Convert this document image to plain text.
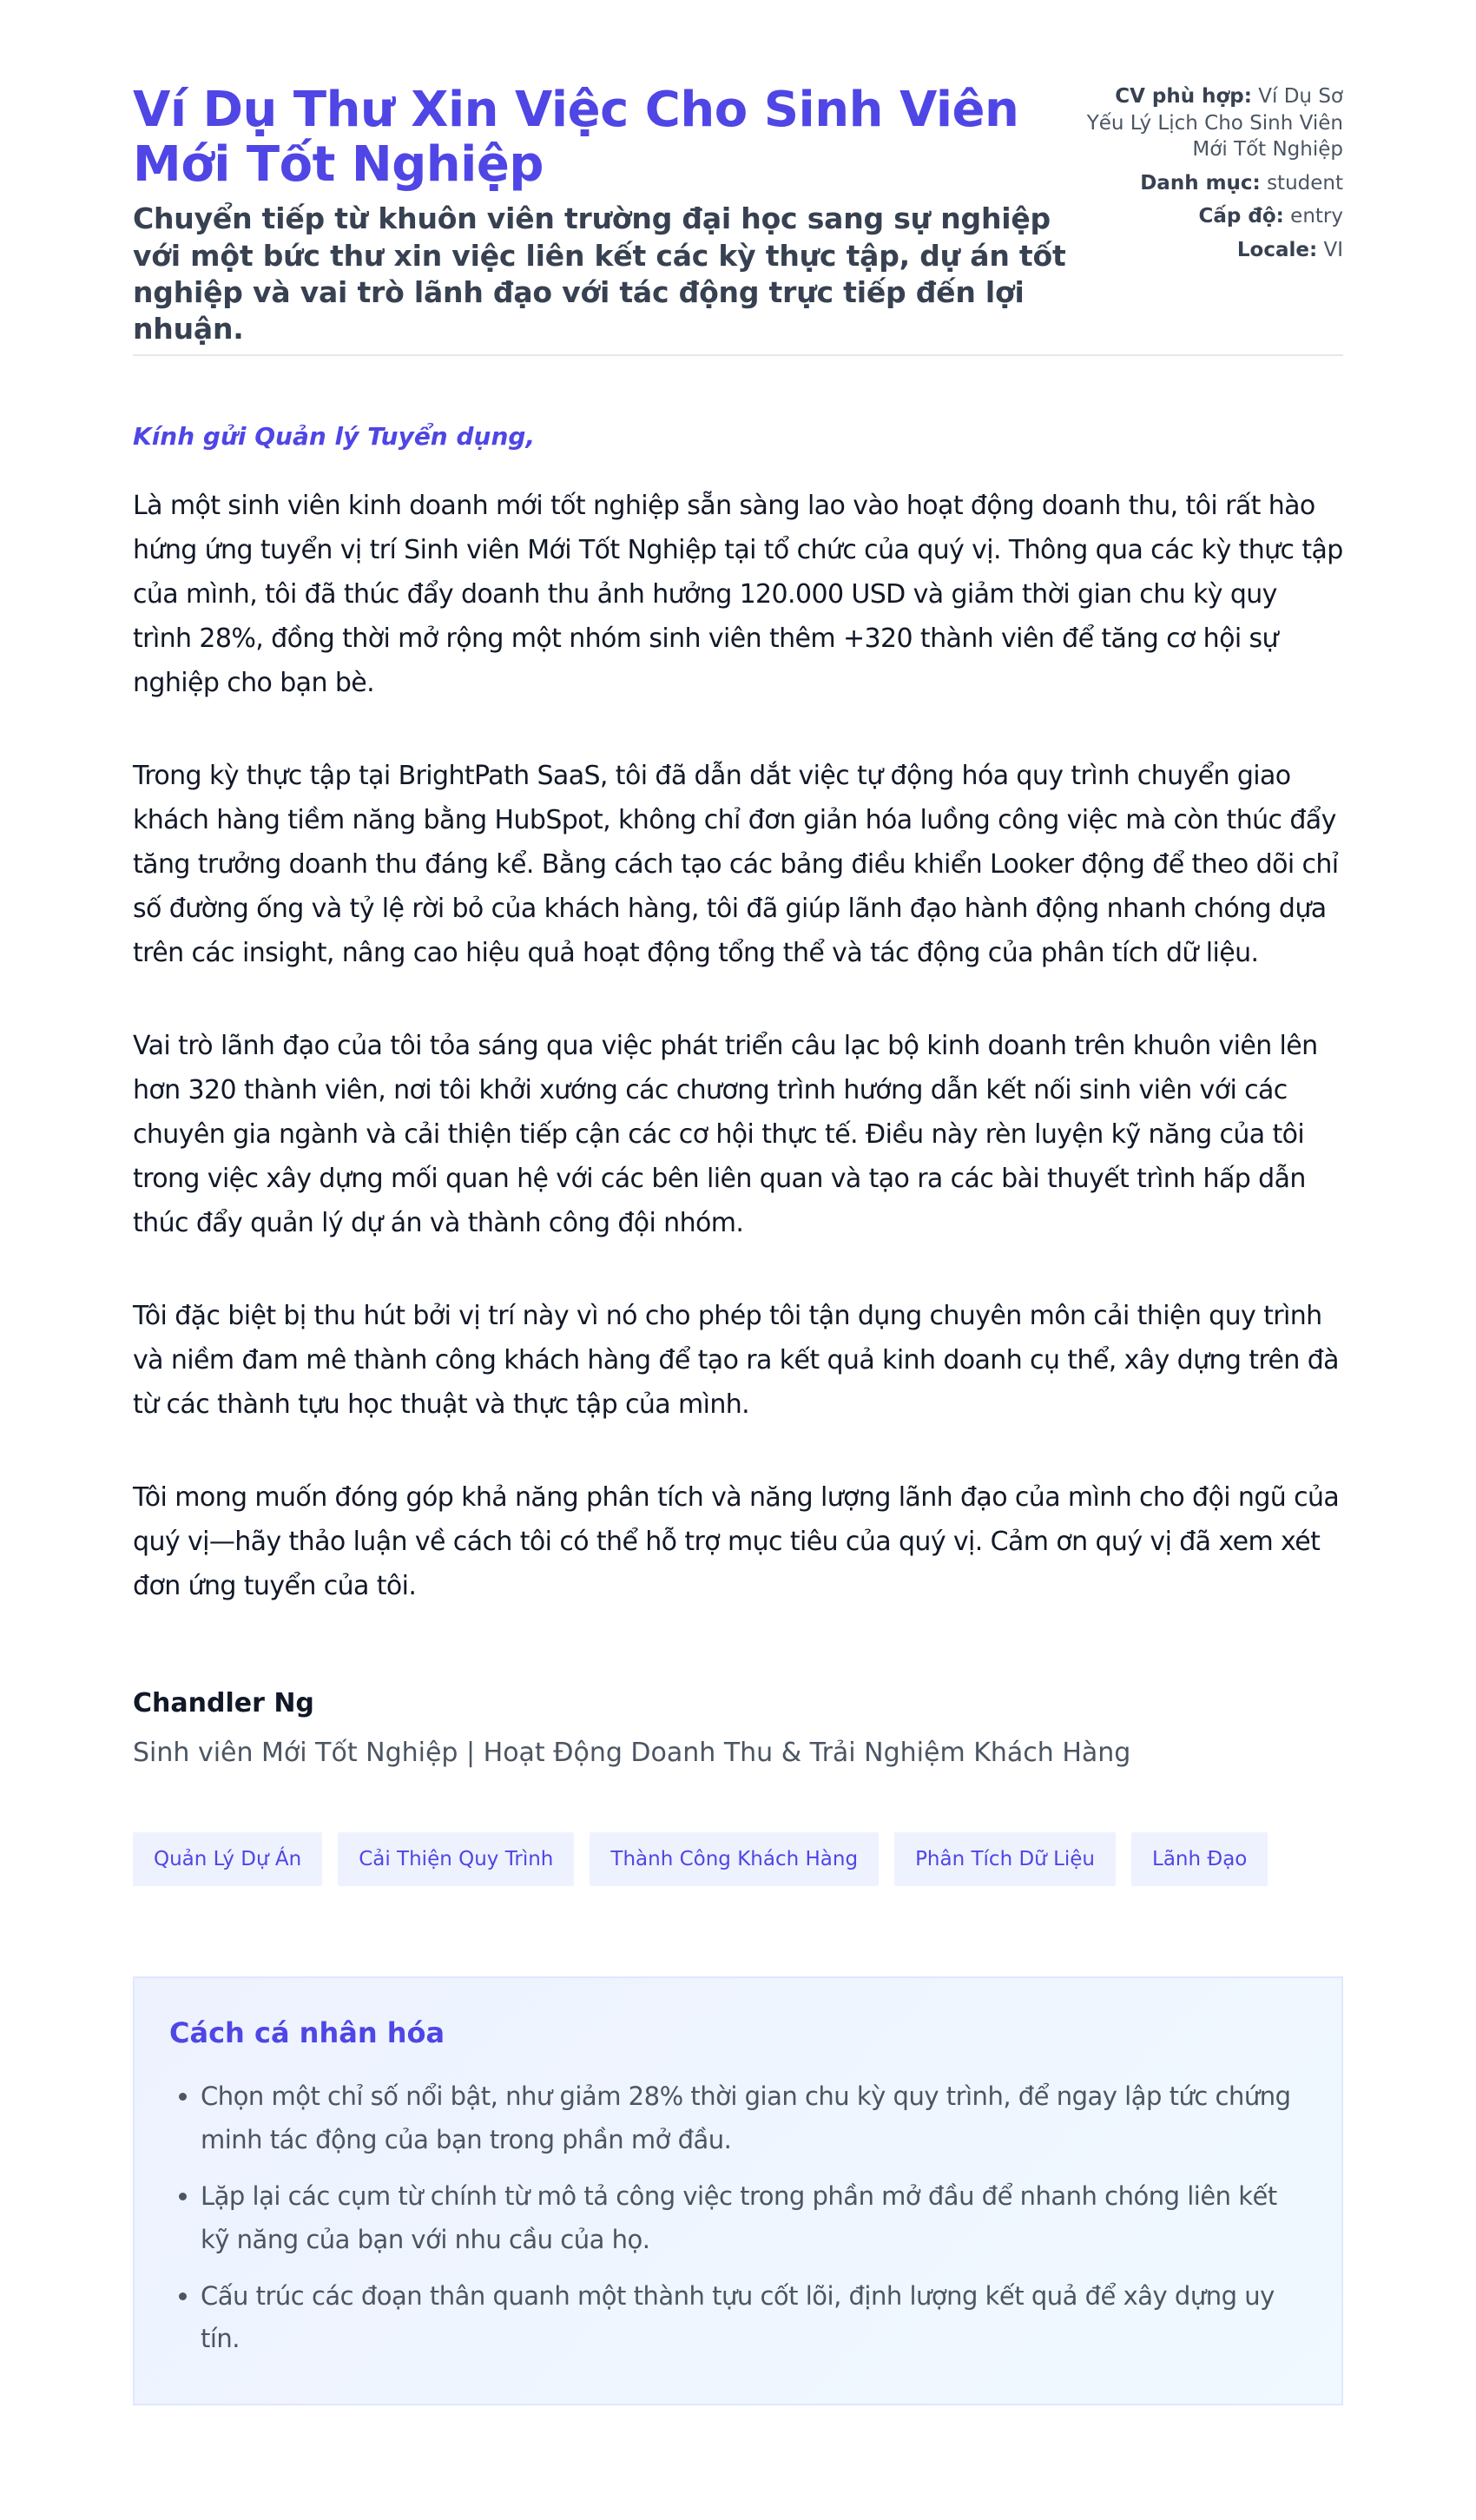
Ví Dụ Thư Xin Việc Cho Sinh Viên Mới Tốt Nghiệp

Chuyển tiếp từ khuôn viên trường đại học sang sự nghiệp với một bức thư xin việc liên kết các kỳ thực tập, dự án tốt nghiệp và vai trò lãnh đạo với tác động trực tiếp đến lợi nhuận.

CV phù hợp: Ví Dụ Sơ Yếu Lý Lịch Cho Sinh Viên Mới Tốt Nghiệp
Danh mục: student
Cấp độ: entry
Locale: VI

Kính gửi Quản lý Tuyển dụng,

Là một sinh viên kinh doanh mới tốt nghiệp sẵn sàng lao vào hoạt động doanh thu, tôi rất hào hứng ứng tuyển vị trí Sinh viên Mới Tốt Nghiệp tại tổ chức của quý vị. Thông qua các kỳ thực tập của mình, tôi đã thúc đẩy doanh thu ảnh hưởng 120.000 USD và giảm thời gian chu kỳ quy trình 28%, đồng thời mở rộng một nhóm sinh viên thêm +320 thành viên để tăng cơ hội sự nghiệp cho bạn bè.

Trong kỳ thực tập tại BrightPath SaaS, tôi đã dẫn dắt việc tự động hóa quy trình chuyển giao khách hàng tiềm năng bằng HubSpot, không chỉ đơn giản hóa luồng công việc mà còn thúc đẩy tăng trưởng doanh thu đáng kể. Bằng cách tạo các bảng điều khiển Looker động để theo dõi chỉ số đường ống và tỷ lệ rời bỏ của khách hàng, tôi đã giúp lãnh đạo hành động nhanh chóng dựa trên các insight, nâng cao hiệu quả hoạt động tổng thể và tác động của phân tích dữ liệu.

Vai trò lãnh đạo của tôi tỏa sáng qua việc phát triển câu lạc bộ kinh doanh trên khuôn viên lên hơn 320 thành viên, nơi tôi khởi xướng các chương trình hướng dẫn kết nối sinh viên với các chuyên gia ngành và cải thiện tiếp cận các cơ hội thực tế. Điều này rèn luyện kỹ năng của tôi trong việc xây dựng mối quan hệ với các bên liên quan và tạo ra các bài thuyết trình hấp dẫn thúc đẩy quản lý dự án và thành công đội nhóm.

Tôi đặc biệt bị thu hút bởi vị trí này vì nó cho phép tôi tận dụng chuyên môn cải thiện quy trình và niềm đam mê thành công khách hàng để tạo ra kết quả kinh doanh cụ thể, xây dựng trên đà từ các thành tựu học thuật và thực tập của mình.

Tôi mong muốn đóng góp khả năng phân tích và năng lượng lãnh đạo của mình cho đội ngũ của quý vị—hãy thảo luận về cách tôi có thể hỗ trợ mục tiêu của quý vị. Cảm ơn quý vị đã xem xét đơn ứng tuyển của tôi.

Chandler Ng

Sinh viên Mới Tốt Nghiệp | Hoạt Động Doanh Thu & Trải Nghiệm Khách Hàng

Quản Lý Dự Án	Cải Thiện Quy Trình	Thành Công Khách Hàng	Phân Tích Dữ Liệu	Lãnh Đạo
Cách cá nhân hóa
• Chọn một chỉ số nổi bật, như giảm 28% thời gian chu kỳ quy trình, để ngay lập tức chứng minh tác động của bạn trong phần mở đầu.
• Lặp lại các cụm từ chính từ mô tả công việc trong phần mở đầu để nhanh chóng liên kết kỹ năng của bạn với nhu cầu của họ.
• Cấu trúc các đoạn thân quanh một thành tựu cốt lõi, định lượng kết quả để xây dựng uy tín.
